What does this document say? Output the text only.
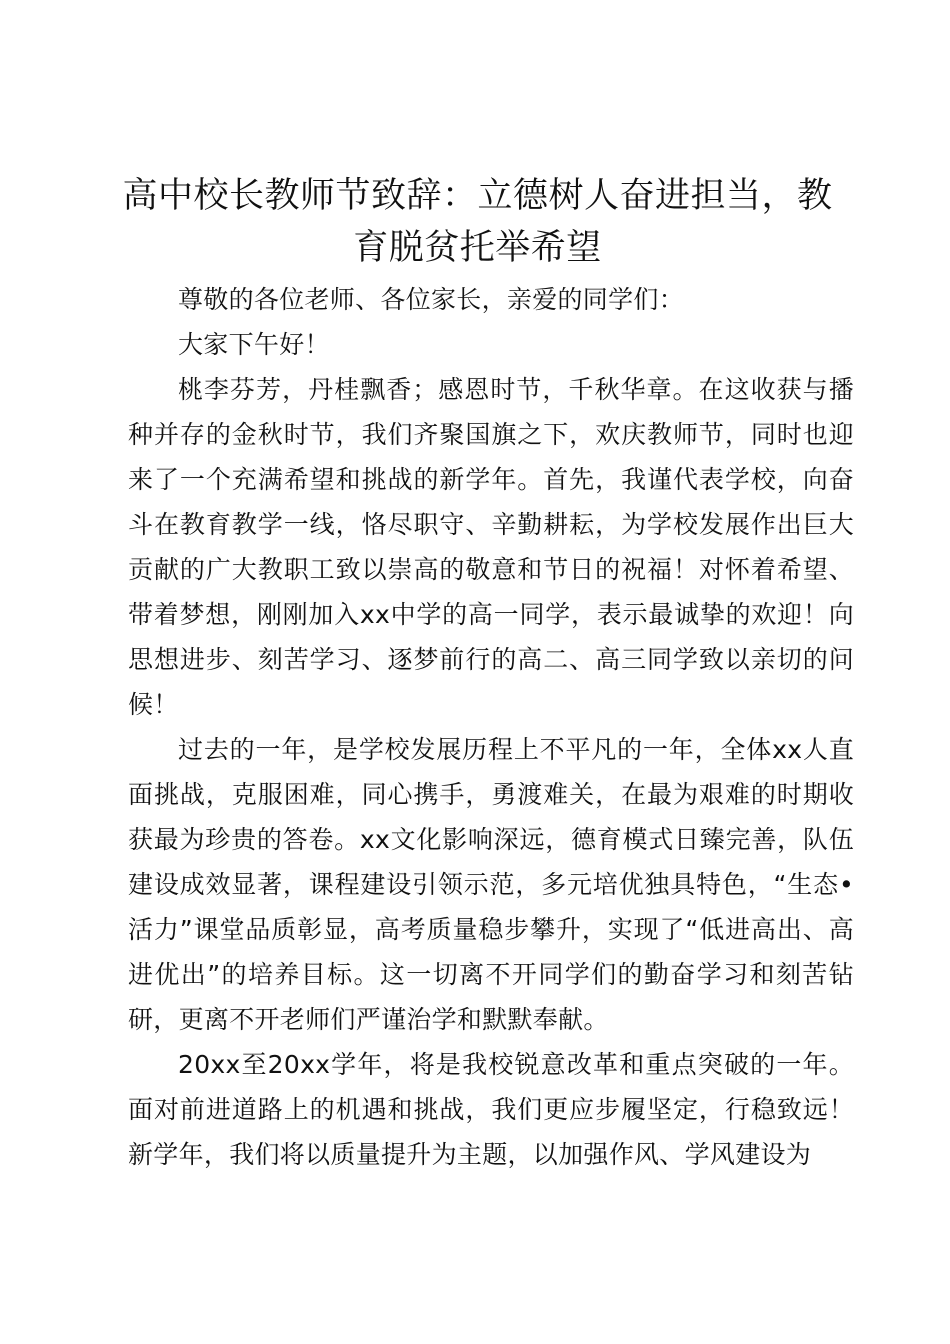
高中校长教师节致辞：立德树人奋进担当，教育脱贫托举希望

尊敬的各位老师、各位家长，亲爱的同学们：

大家下午好！

桃李芬芳，丹桂飘香；感恩时节，千秋华章。在这收获与播种并存的金秋时节，我们齐聚国旗之下，欢庆教师节，同时也迎来了一个充满希望和挑战的新学年。首先，我谨代表学校，向奋斗在教育教学一线，恪尽职守、辛勤耕耘，为学校发展作出巨大贡献的广大教职工致以崇高的敬意和节日的祝福！对怀着希望、带着梦想，刚刚加入xx中学的高一同学，表示最诚挚的欢迎！向思想进步、刻苦学习、逐梦前行的高二、高三同学致以亲切的问候！

过去的一年，是学校发展历程上不平凡的一年，全体xx人直面挑战，克服困难，同心携手，勇渡难关，在最为艰难的时期收获最为珍贵的答卷。xx文化影响深远，德育模式日臻完善，队伍建设成效显著，课程建设引领示范，多元培优独具特色，“生态•活力”课堂品质彰显，高考质量稳步攀升，实现了“低进高出、高进优出”的培养目标。这一切离不开同学们的勤奋学习和刻苦钻研，更离不开老师们严谨治学和默默奉献。

20xx至20xx学年，将是我校锐意改革和重点突破的一年。面对前进道路上的机遇和挑战，我们更应步履坚定，行稳致远！新学年，我们将以质量提升为主题，以加强作风、学风建设为
